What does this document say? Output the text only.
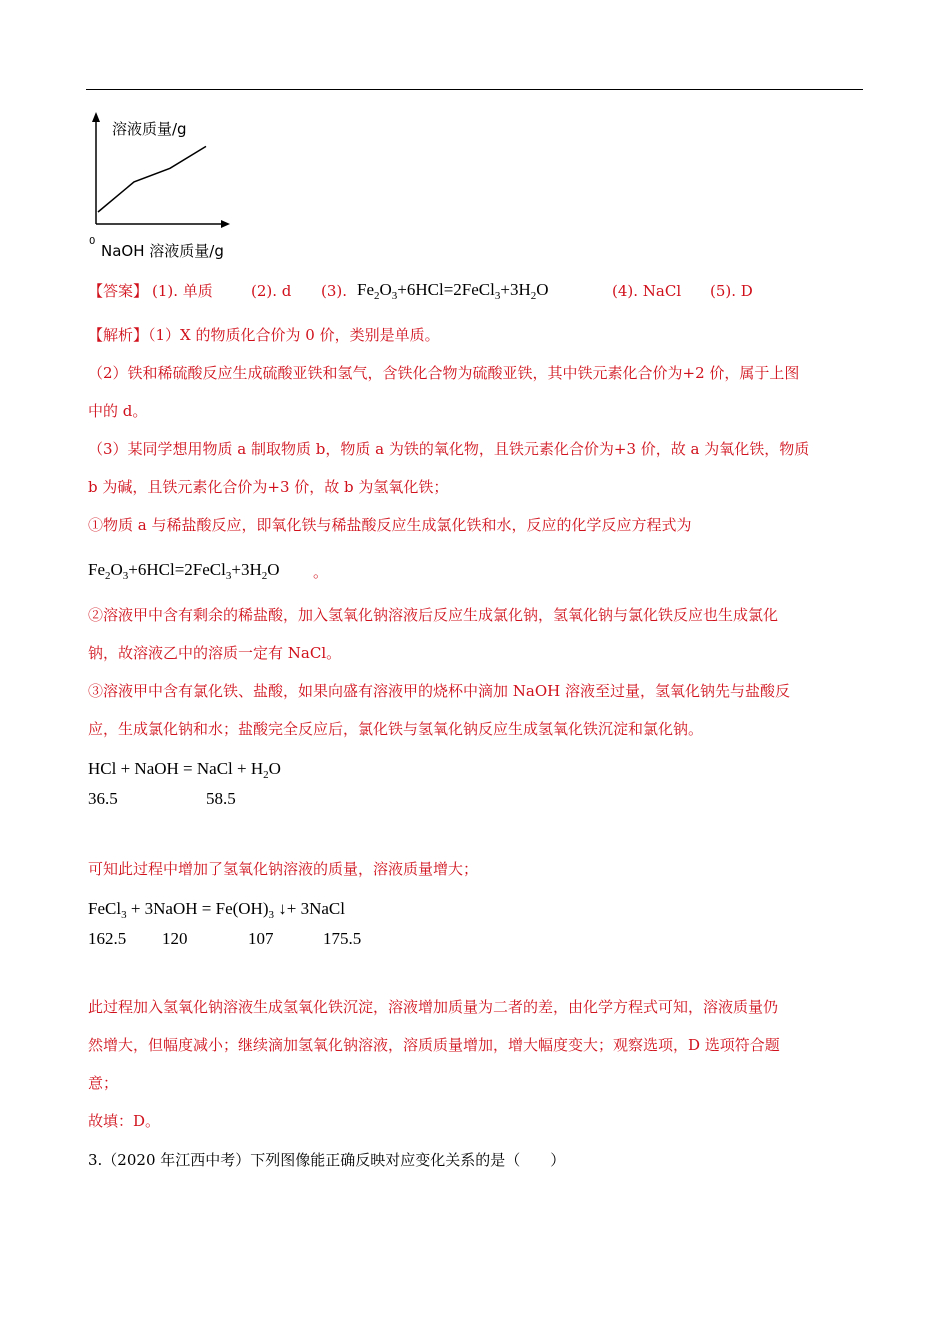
溶液质量/g
0
NaOH 溶液质量/g
【答案】 (1). 单质	(2). d (3). $Fe_2O_3+6HCl=2FeCl_3+3H_2O$	(4). NaCl (5). D
【解析】（1）X 的物质化合价为 0 价，类别是单质。
（2）铁和稀硫酸反应生成硫酸亚铁和氢气，含铁化合物为硫酸亚铁，其中铁元素化合价为+2 价，属于上图
中的 d。
（3）某同学想用物质 a 制取物质 b，物质 a 为铁的氧化物，且铁元素化合价为+3 价，故 a 为氧化铁，物质
b 为碱，且铁元素化合价为+3 价，故 b 为氢氧化铁；
①物质 a 与稀盐酸反应，即氧化铁与稀盐酸反应生成氯化铁和水，反应的化学反应方程式为
$Fe_2O_3+6HCl=2FeCl_3+3H_2O$ 。
②溶液甲中含有剩余的稀盐酸，加入氢氧化钠溶液后反应生成氯化钠，氢氧化钠与氯化铁反应也生成氯化
钠，故溶液乙中的溶质一定有 NaCl。
③溶液甲中含有氯化铁、盐酸，如果向盛有溶液甲的烧杯中滴加 NaOH 溶液至过量，氢氧化钠先与盐酸反
应，生成氯化钠和水；盐酸完全反应后，氯化铁与氢氧化钠反应生成氢氧化铁沉淀和氯化钠。
HCl + NaOH = NaCl + $H_2O$
36.5	58.5
可知此过程中增加了氢氧化钠溶液的质量，溶液质量增大；
FeCl$_3$ + 3NaOH = $Fe(OH)_3$ ↓+ 3NaCl
162.5 120	107	175.5
此过程加入氢氧化钠溶液生成氢氧化铁沉淀，溶液增加质量为二者的差，由化学方程式可知，溶液质量仍
然增大，但幅度减小；继续滴加氢氧化钠溶液，溶质质量增加，增大幅度变大；观察选项，D 选项符合题
意；
故填：D。
3.（2020 年江西中考）下列图像能正确反映对应变化关系的是（　　）
